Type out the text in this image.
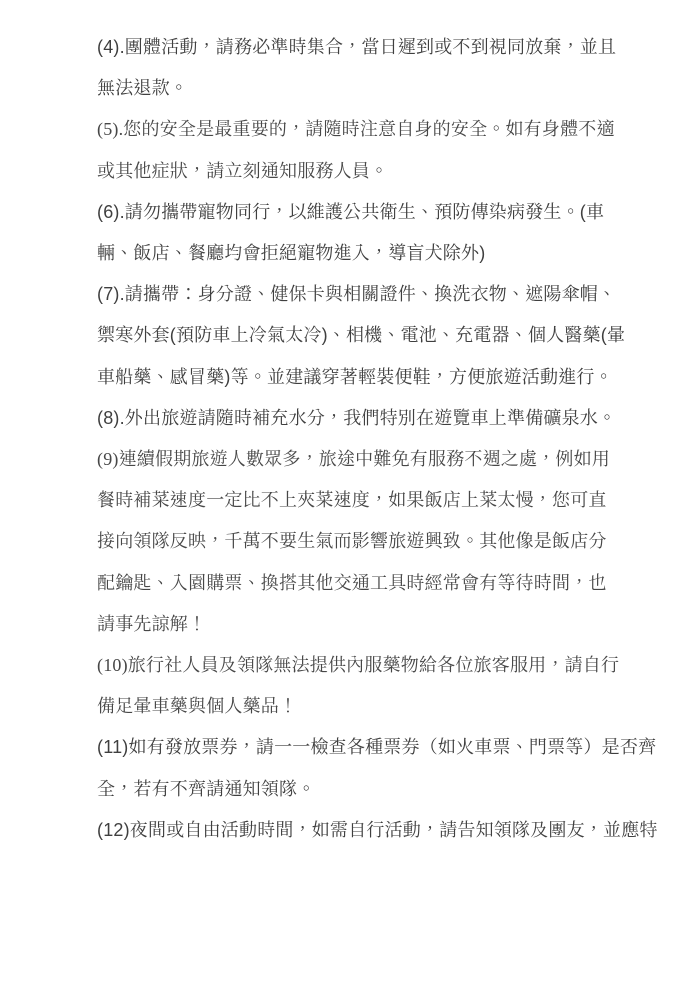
(4).團體活動，請務必準時集合，當日遲到或不到視同放棄，並且
無法退款。

(5).您的安全是最重要的，請隨時注意自身的安全。如有身體不適
或其他症狀，請立刻通知服務人員。

(6).請勿攜帶寵物同行，以維護公共衛生、預防傳染病發生。(車
輛、飯店、餐廳均會拒絕寵物進入，導盲犬除外)

(7).請攜帶：身分證、健保卡與相關證件、換洗衣物、遮陽傘帽、
禦寒外套(預防車上冷氣太冷)、相機、電池、充電器、個人醫藥(暈
車船藥、感冒藥)等。並建議穿著輕裝便鞋，方便旅遊活動進行。

(8).外出旅遊請隨時補充水分，我們特別在遊覽車上準備礦泉水。

(9)連續假期旅遊人數眾多，旅途中難免有服務不週之處，例如用
餐時補菜速度一定比不上夾菜速度，如果飯店上菜太慢，您可直
接向領隊反映，千萬不要生氣而影響旅遊興致。其他像是飯店分
配鑰匙、入園購票、換搭其他交通工具時經常會有等待時間，也
請事先諒解！

(10)旅行社人員及領隊無法提供內服藥物給各位旅客服用，請自行
備足暈車藥與個人藥品！

(11)如有發放票券，請一一檢查各種票券（如火車票、門票等）是否齊
全，若有不齊請通知領隊。

(12)夜間或自由活動時間，如需自行活動，請告知領隊及團友，並應特
